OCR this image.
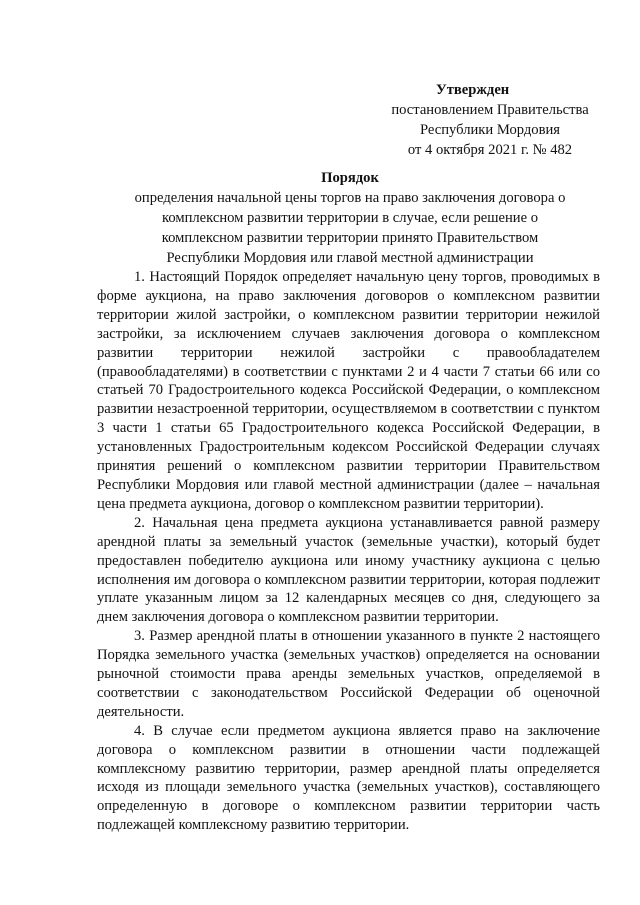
Утвержден
постановлением Правительства
Республики Мордовия
от 4 октября 2021 г. № 482
Порядок
определения начальной цены торгов на право заключения договора о
комплексном развитии территории в случае, если решение о
комплексном развитии территории принято Правительством
Республики Мордовия или главой местной администрации

1. Настоящий Порядок определяет начальную цену торгов, проводимых в форме аукциона, на право заключения договоров о комплексном развитии территории жилой застройки, о комплексном развитии территории нежилой застройки, за исключением случаев заключения договора о комплексном развитии территории нежилой застройки с правообладателем (правообладателями) в соответствии с пунктами 2 и 4 части 7 статьи 66 или со статьей 70 Градостроительного кодекса Российской Федерации, о комплексном развитии незастроенной территории, осуществляемом в соответствии с пунктом 3 части 1 статьи 65 Градостроительного кодекса Российской Федерации, в установленных Градостроительным кодексом Российской Федерации случаях принятия решений о комплексном развитии территории Правительством Республики Мордовия или главой местной администрации (далее – начальная цена предмета аукциона, договор о комплексном развитии территории).

2. Начальная цена предмета аукциона устанавливается равной размеру арендной платы за земельный участок (земельные участки), который будет предоставлен победителю аукциона или иному участнику аукциона с целью исполнения им договора о комплексном развитии территории, которая подлежит уплате указанным лицом за 12 календарных месяцев со дня, следующего за днем заключения договора о комплексном развитии территории.

3. Размер арендной платы в отношении указанного в пункте 2 настоящего Порядка земельного участка (земельных участков) определяется на основании рыночной стоимости права аренды земельных участков, определяемой в соответствии с законодательством Российской Федерации об оценочной деятельности.

4. В случае если предметом аукциона является право на заключение договора о комплексном развитии в отношении части подлежащей комплексному развитию территории, размер арендной платы определяется исходя из площади земельного участка (земельных участков), составляющего определенную в договоре о комплексном развитии территории часть подлежащей комплексному развитию территории.
